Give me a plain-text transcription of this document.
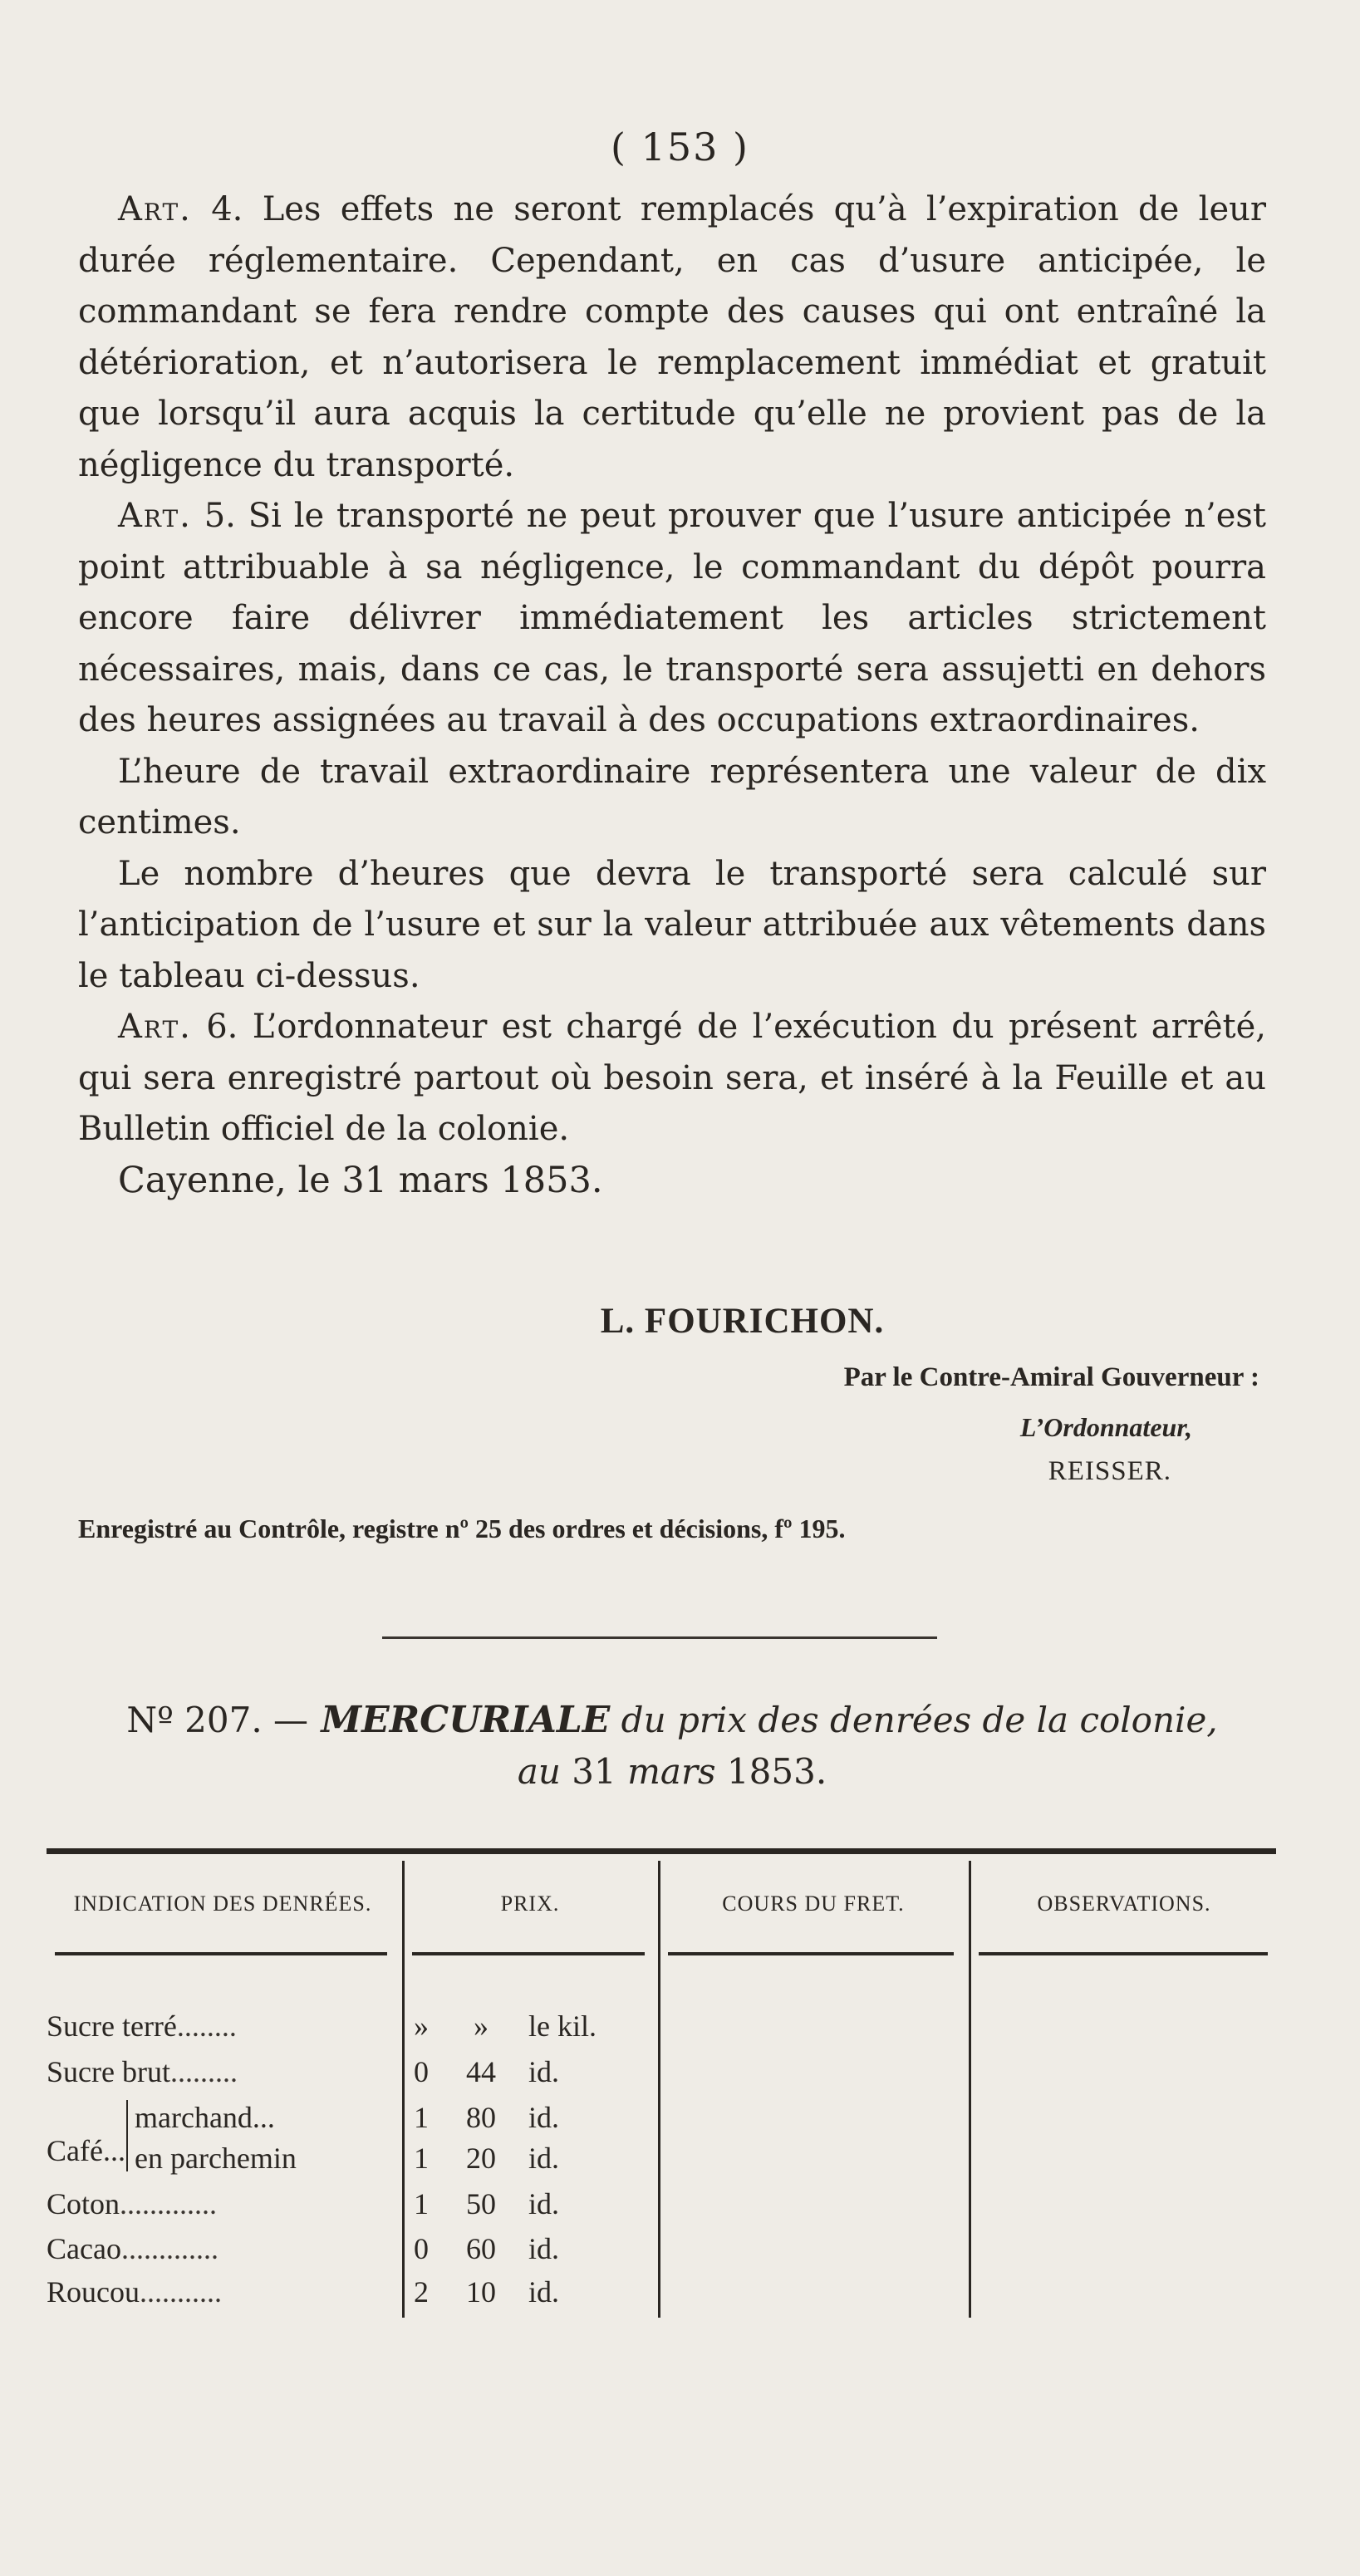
( 153 )

Art. 4. Les effets ne seront remplacés qu’à l’expiration de leur durée réglementaire. Cependant, en cas d’usure anticipée, le commandant se fera rendre compte des causes qui ont entraîné la détérioration, et n’autorisera le remplacement immédiat et gratuit que lorsqu’il aura acquis la certitude qu’elle ne provient pas de la négligence du transporté.

Art. 5. Si le transporté ne peut prouver que l’usure anticipée n’est point attribuable à sa négligence, le commandant du dépôt pourra encore faire délivrer immédiatement les articles strictement nécessaires, mais, dans ce cas, le transporté sera assujetti en dehors des heures assignées au travail à des occupations extraordinaires.

L’heure de travail extraordinaire représentera une valeur de dix centimes.

Le nombre d’heures que devra le transporté sera calculé sur l’anticipation de l’usure et sur la valeur attribuée aux vêtements dans le tableau ci-dessus.

Art. 6. L’ordonnateur est chargé de l’exécution du présent arrêté, qui sera enregistré partout où besoin sera, et inséré à la Feuille et au Bulletin officiel de la colonie.

Cayenne, le 31 mars 1853.

L. FOURICHON.
Par le Contre-Amiral Gouverneur :
L’Ordonnateur,
REISSER.
Enregistré au Contrôle, registre nº 25 des ordres et décisions, fº 195.
Nº 207. — MERCURIALE du prix des denrées de la colonie,
au 31 mars 1853.
INDICATION DES DENRÉES.	PRIX.	COURS DU FRET.	OBSERVATIONS.
Sucre terré........	»	»	le kil.
Sucre brut.........	0	44	id.
Café...
marchand...	1	80	id.
en parchemin	1	20	id.
Coton.............	1	50	id.
Cacao.............	0	60	id.
Roucou...........	2	10	id.
